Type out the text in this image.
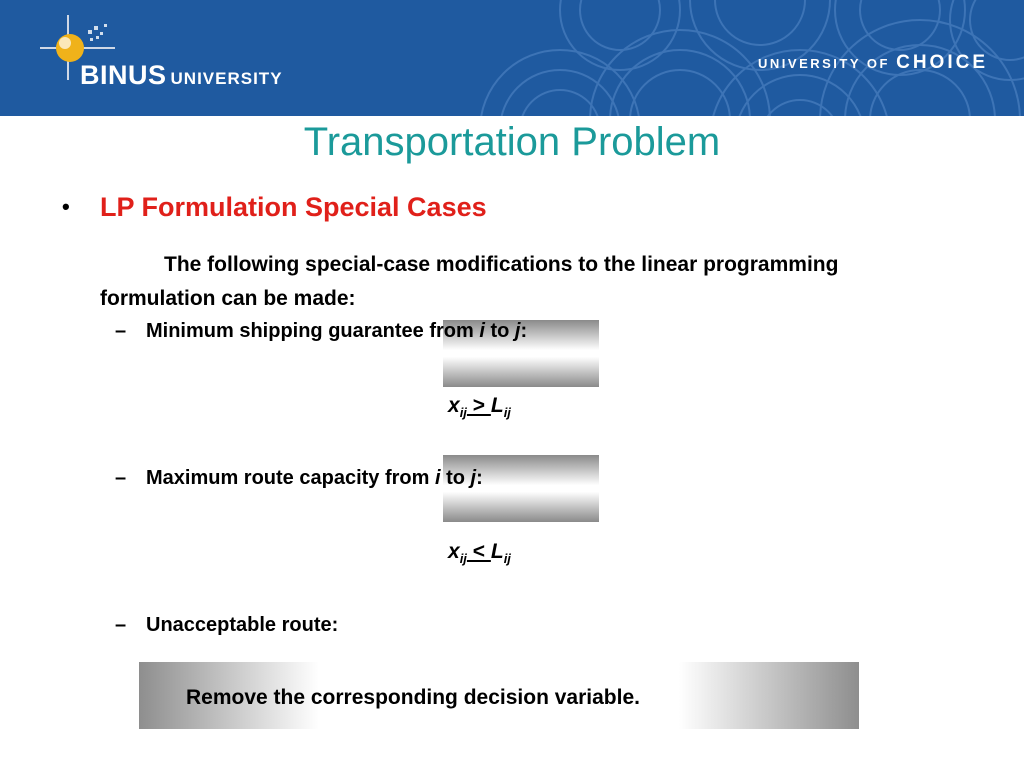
BINUS UNIVERSITY
UNIVERSITY OF CHOICE
Transportation Problem
• LP Formulation Special Cases
The following special-case modifications to the linear programming formulation can be made:
– Minimum shipping guarantee from i to j:
$x_{ij} > L_{ij}$
– Maximum route capacity from i to j:
$x_{ij} < L_{ij}$
– Unacceptable route:
Remove the corresponding decision variable.
